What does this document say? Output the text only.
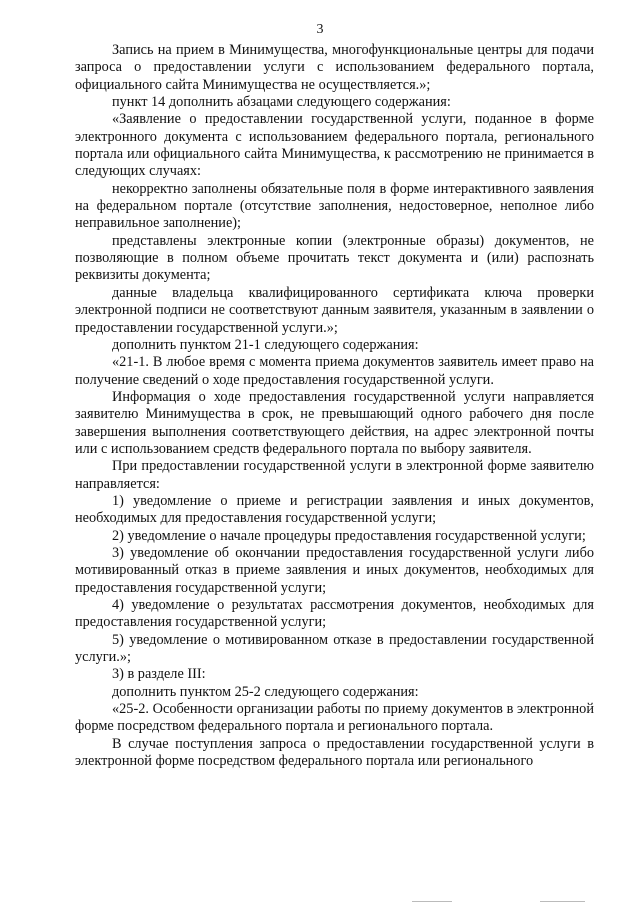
3

Запись на прием в Минимущества, многофункциональные центры для подачи запроса о предоставлении услуги с использованием федерального портала, официального сайта Минимущества не осуществляется.»;

пункт 14 дополнить абзацами следующего содержания:

«Заявление о предоставлении государственной услуги, поданное в форме электронного документа с использованием федерального портала, регионального портала или официального сайта Минимущества, к рассмотрению не принимается в следующих случаях:

некорректно заполнены обязательные поля в форме интерактивного заявления на федеральном портале (отсутствие заполнения, недостоверное, неполное либо неправильное заполнение);

представлены электронные копии (электронные образы) документов, не позволяющие в полном объеме прочитать текст документа и (или) распознать реквизиты документа;

данные владельца квалифицированного сертификата ключа проверки электронной подписи не соответствуют данным заявителя, указанным в заявлении о предоставлении государственной услуги.»;

дополнить пунктом 21-1 следующего содержания:

«21-1. В любое время с момента приема документов заявитель имеет право на получение сведений о ходе предоставления государственной услуги.

Информация о ходе предоставления государственной услуги направляется заявителю Минимущества в срок, не превышающий одного рабочего дня после завершения выполнения соответствующего действия, на адрес электронной почты или с использованием средств федерального портала по выбору заявителя.

При предоставлении государственной услуги в электронной форме заявителю направляется:

1) уведомление о приеме и регистрации заявления и иных документов, необходимых для предоставления государственной услуги;

2) уведомление о начале процедуры предоставления государственной услуги;

3) уведомление об окончании предоставления государственной услуги либо мотивированный отказ в приеме заявления и иных документов, необходимых для предоставления государственной услуги;

4) уведомление о результатах рассмотрения документов, необходимых для предоставления государственной услуги;

5) уведомление о мотивированном отказе в предоставлении государственной услуги.»;

3) в разделе III:

дополнить пунктом 25-2 следующего содержания:

«25-2. Особенности организации работы по приему документов в электронной форме посредством федерального портала и регионального портала.

В случае поступления запроса о предоставлении государственной услуги в электронной форме посредством федерального портала или регионального
